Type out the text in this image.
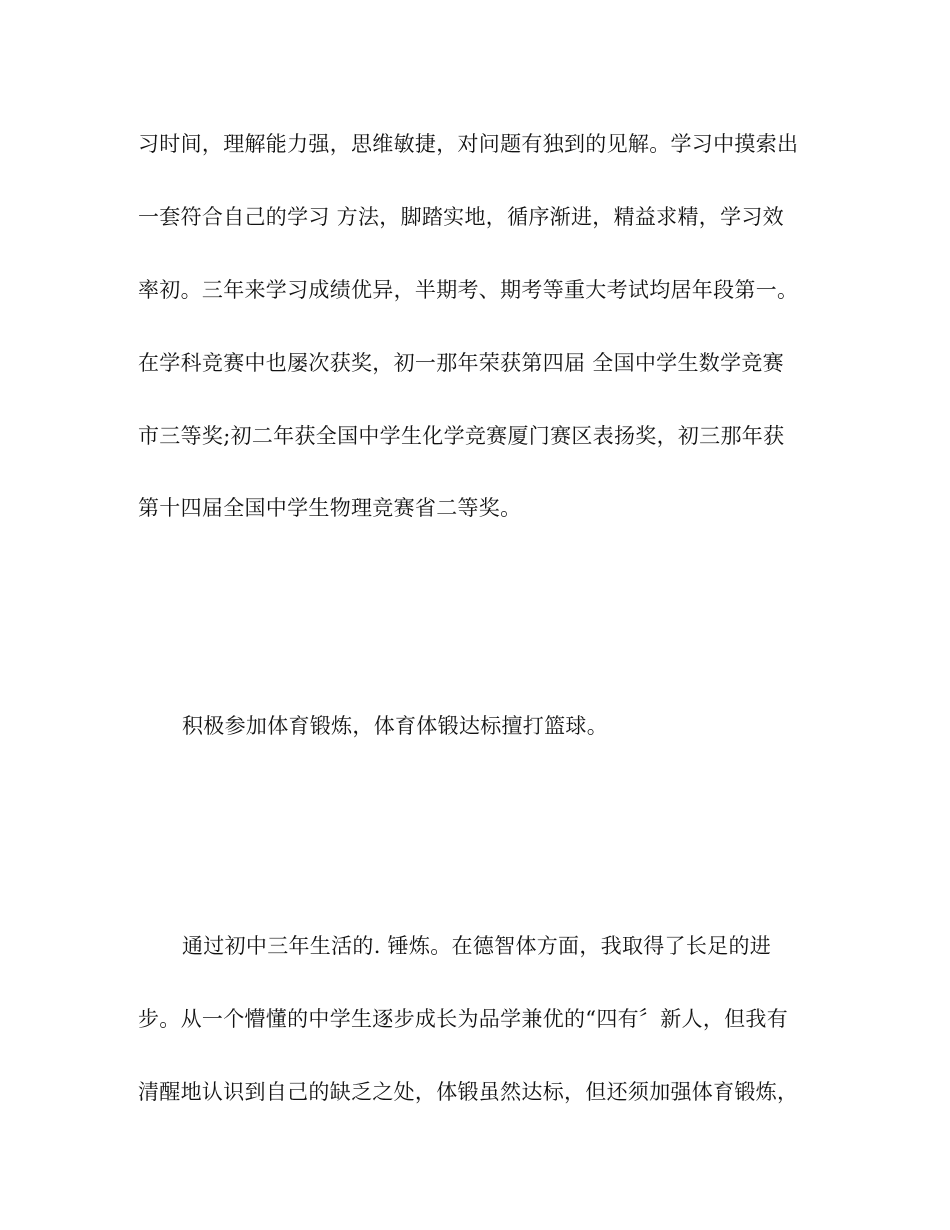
习时间，理解能力强，思维敏捷，对问题有独到的见解。学习中摸索出
一套符合自己的学习 方法，脚踏实地，循序渐进，精益求精，学习效
率初。三年来学习成绩优异，半期考、期考等重大考试均居年段第一。
在学科竞赛中也屡次获奖，初一那年荣获第四届 全国中学生数学竞赛
市三等奖;初二年获全国中学生化学竞赛厦门赛区表扬奖，初三那年获
第十四届全国中学生物理竞赛省二等奖。
积极参加体育锻炼，体育体锻达标擅打篮球。
通过初中三年生活的. 锤炼。在德智体方面，我取得了长足的进
步。从一个懵懂的中学生逐步成长为品学兼优的“四有〞新人，但我有
清醒地认识到自己的缺乏之处，体锻虽然达标，但还须加强体育锻炼，
